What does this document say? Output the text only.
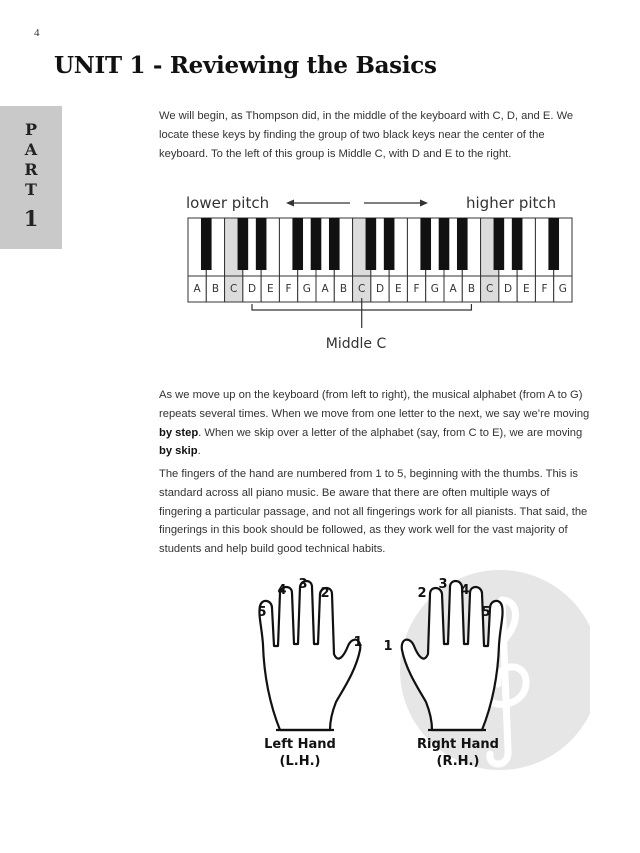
4
UNIT 1 - Reviewing the Basics
P
A
R
T
1

We will begin, as Thompson did, in the middle of the keyboard with C, D, and E. We locate these keys by finding the group of two black keys near the center of the keyboard. To the left of this group is Middle C, with D and E to the right.

lower pitch	higher pitch
A B C D E F G A B C D E F G A B C D E F G
Middle C

As we move up on the keyboard (from left to right), the musical alphabet (from A to G) repeats several times. When we move from one letter to the next, we say we’re moving by step. When we skip over a letter of the alphabet (say, from C to E), we are moving by skip.

The fingers of the hand are numbered from 1 to 5, beginning with the thumbs. This is standard across all piano music. Be aware that there are often multiple ways of fingering a particular passage, and not all fingerings work for all pianists. That said, the fingerings in this book should be followed, as they work well for the vast majority of students and help build good technical habits.

5
4 3
2
1 1
2
3 4
5
Left Hand
(L.H.)
Right Hand
(R.H.)
